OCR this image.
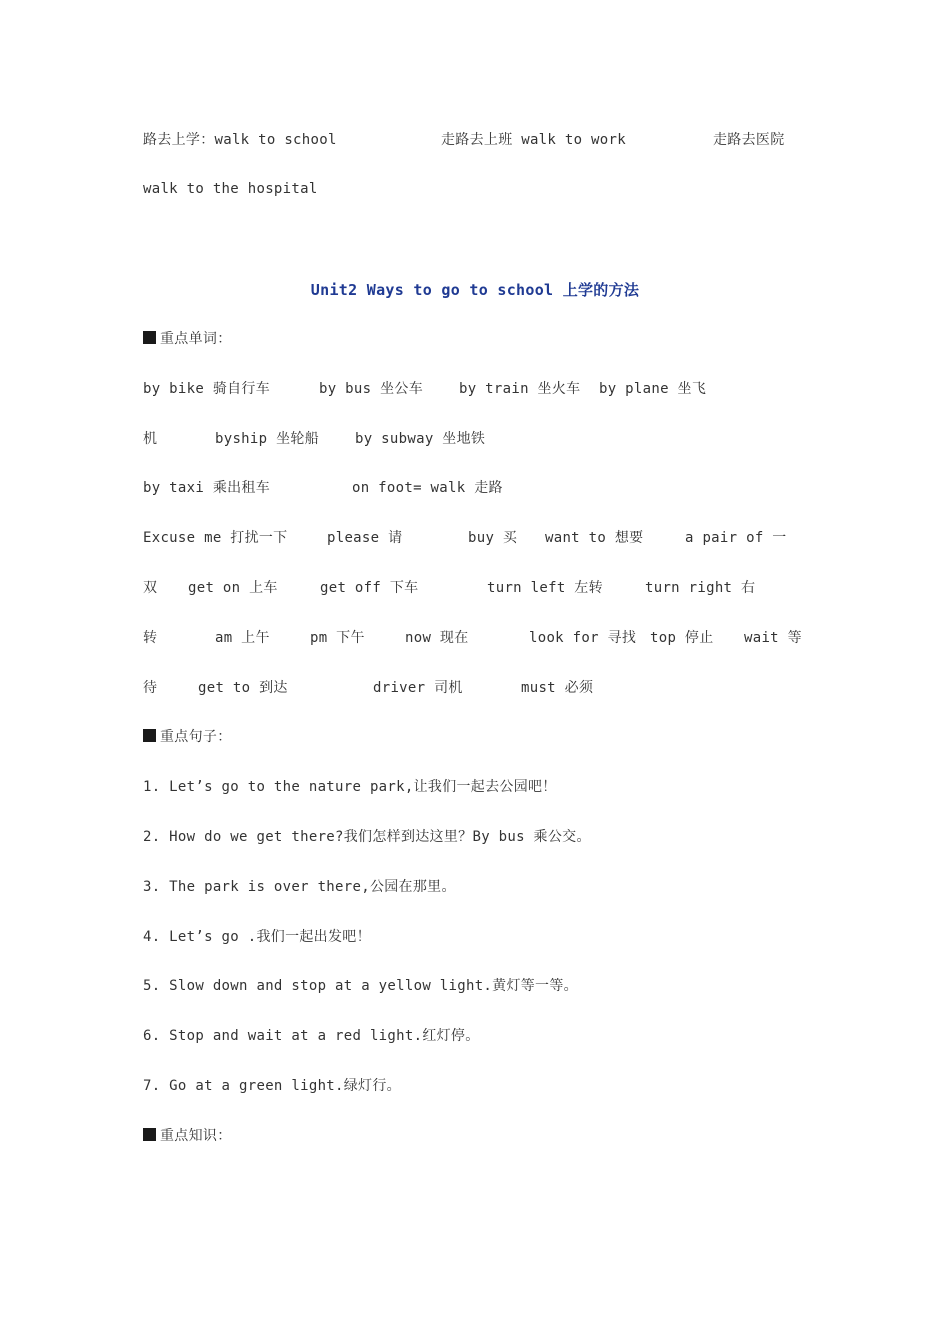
路去上学：walk to school	走路去上班 walk to work	走路去医院
walk to the hospital
Unit2 Ways to go to school 上学的方法
重点单词：
by bike 骑自行车	by bus 坐公车	by train 坐火车 by plane 坐飞
机	byship 坐轮船	by subway 坐地铁
by taxi 乘出租车	on foot= walk 走路
Excuse me 打扰一下	please 请	buy 买 want to 想要	a pair of 一
双 get on 上车	get off 下车	turn left 左转	turn right 右
转	am 上午	pm 下午	now 现在	look for 寻找 top 停止 wait 等
待	get to 到达	driver 司机	must 必须
重点句子：
1. Let’s go to the nature park,让我们一起去公园吧！
2. How do we get there?我们怎样到达这里？By bus 乘公交。
3. The park is over there,公园在那里。
4. Let’s go .我们一起出发吧！
5. Slow down and stop at a yellow light.黄灯等一等。
6. Stop and wait at a red light.红灯停。
7. Go at a green light.绿灯行。
重点知识：
